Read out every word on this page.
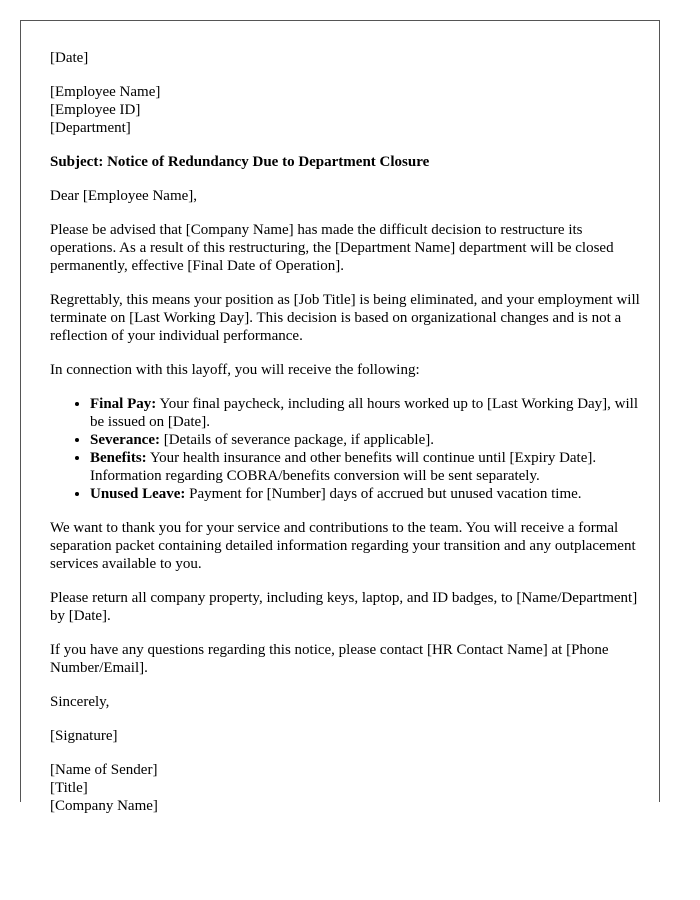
[Date]

[Employee Name]
[Employee ID]
[Department]

Subject: Notice of Redundancy Due to Department Closure

Dear [Employee Name],

Please be advised that [Company Name] has made the difficult decision to restructure its operations. As a result of this restructuring, the [Department Name] department will be closed permanently, effective [Final Date of Operation].

Regrettably, this means your position as [Job Title] is being eliminated, and your employment will terminate on [Last Working Day]. This decision is based on organizational changes and is not a reflection of your individual performance.

In connection with this layoff, you will receive the following:

• Final Pay: Your final paycheck, including all hours worked up to [Last Working Day], will be issued on [Date].
• Severance: [Details of severance package, if applicable].
• Benefits: Your health insurance and other benefits will continue until [Expiry Date]. Information regarding COBRA/benefits conversion will be sent separately.
• Unused Leave: Payment for [Number] days of accrued but unused vacation time.

We want to thank you for your service and contributions to the team. You will receive a formal separation packet containing detailed information regarding your transition and any outplacement services available to you.

Please return all company property, including keys, laptop, and ID badges, to [Name/Department] by [Date].

If you have any questions regarding this notice, please contact [HR Contact Name] at [Phone Number/Email].

Sincerely,

[Signature]

[Name of Sender]
[Title]
[Company Name]
